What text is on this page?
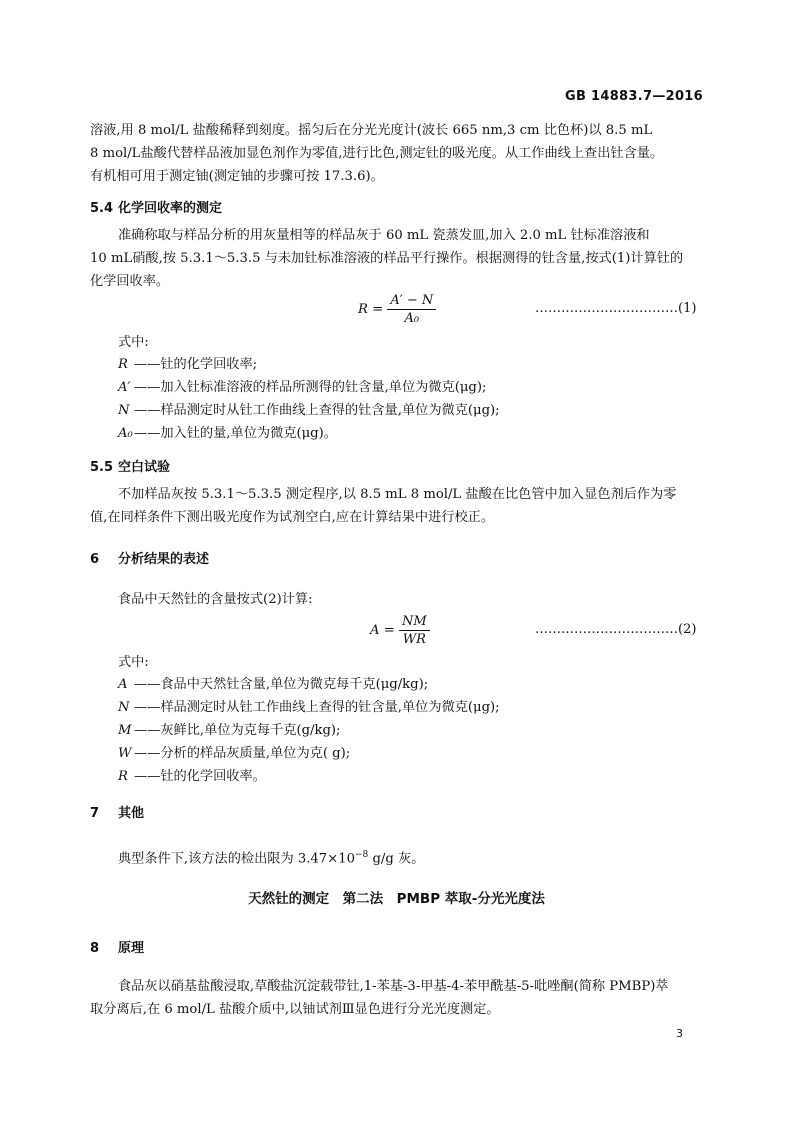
GB 14883.7—2016
溶液,用 8 mol/L 盐酸稀释到刻度。摇匀后在分光光度计(波长 665 nm,3 cm 比色杯)以 8.5 mL
8 mol/L盐酸代替样品液加显色剂作为零值,进行比色,测定钍的吸光度。从工作曲线上查出钍含量。
有机相可用于测定铀(测定铀的步骤可按 17.3.6)。
5.4 化学回收率的测定
准确称取与样品分析的用灰量相等的样品灰于 60 mL 瓷蒸发皿,加入 2.0 mL 钍标准溶液和
10 mL硝酸,按 5.3.1～5.3.5 与未加钍标准溶液的样品平行操作。根据测得的钍含量,按式(1)计算钍的
化学回收率。
$R = \frac{A' - N}{\text{A₀}}$	……………………………(1)
式中:
R ——钍的化学回收率;
A′ ——加入钍标准溶液的样品所测得的钍含量,单位为微克(μg);
N ——样品测定时从钍工作曲线上查得的钍含量,单位为微克(μg);
A₀——加入钍的量,单位为微克(μg)。
5.5 空白试验
不加样品灰按 5.3.1～5.3.5 测定程序,以 8.5 mL 8 mol/L 盐酸在比色管中加入显色剂后作为零
值,在同样条件下测出吸光度作为试剂空白,应在计算结果中进行校正。
6 分析结果的表述
食品中天然钍的含量按式(2)计算:
$A = \frac{NM}{WR}$	……………………………(2)
式中:
A ——食品中天然钍含量,单位为微克每千克(μg/kg);
N ——样品测定时从钍工作曲线上查得的钍含量,单位为微克(μg);
M ——灰鲜比,单位为克每千克(g/kg);
W ——分析的样品灰质量,单位为克( g);
R ——钍的化学回收率。
7 其他
典型条件下,该方法的检出限为 $3.47\times 10^{-8}$ g/g 灰。
天然钍的测定　第二法　PMBP 萃取-分光光度法
8 原理
食品灰以硝基盐酸浸取,草酸盐沉淀载带钍,1-苯基-3-甲基-4-苯甲酰基-5-吡唑酮(简称 PMBP)萃
取分离后,在 6 mol/L 盐酸介质中,以铀试剂Ⅲ显色进行分光光度测定。
3
